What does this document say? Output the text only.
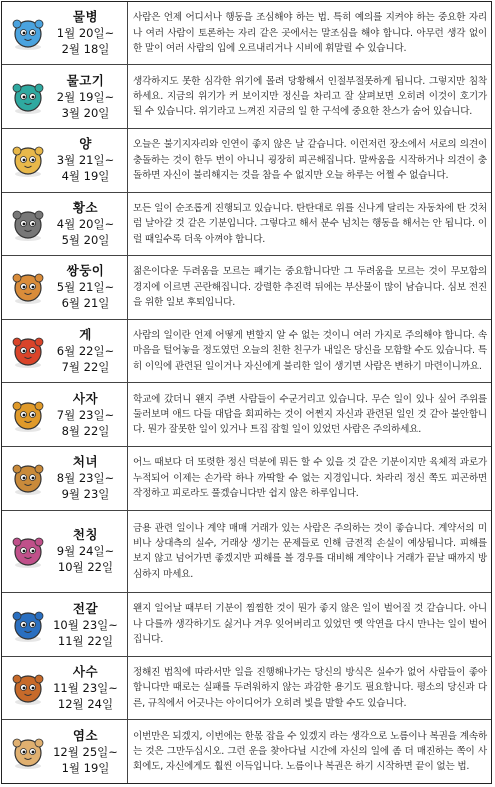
물병
1월 20일~
2월 18일	사람은 언제 어디서나 행동을 조심해야 하는 법. 특히 예의를 지켜야 하는 중요한 자리나 여러 사람이 토론하는 자리 같은 곳에서는 말조심을 해야 합니다. 아무런 생각 없이 한 말이 여러 사람의 입에 오르내리거나 시비에 휘말릴 수 있습니다.

물고기
2월 19일~
3월 20일	생각하지도 못한 심각한 위기에 몰려 당황해서 인절부절못하게 됩니다. 그렇지만 침착하세요. 지금의 위기가 커 보이지만 정신을 차리고 잘 살펴보면 오히려 이것이 호기가 될 수 있습니다. 위기라고 느껴진 지금의 일 한 구석에 중요한 찬스가 숨어 있습니다.

양
3월 21일~
4월 19일	오늘은 불기지자리와 인연이 좋지 않은 날 같습니다. 이런저런 장소에서 서로의 의견이 충돌하는 것이 한두 번이 아니니 굉장히 피곤해집니다. 말싸움을 시작하거나 의견이 충돌하면 자신이 불리해지는 것을 참을 수 없지만 오늘 하루는 어쩔 수 없습니다.

황소
4월 20일~
5월 20일	모든 일이 순조롭게 진행되고 있습니다. 탄탄대로 위를 신나게 달리는 자동차에 탄 것처럼 날아갈 것 같은 기분입니다. 그렇다고 해서 분수 넘치는 행동을 해서는 안 됩니다. 이럴 때일수록 더욱 아껴야 합니다.

쌍둥이
5월 21일~
6월 21일	젊은이다운 두려움을 모르는 패기는 중요합니다만 그 두려움을 모르는 것이 무모함의 경지에 이르면 곤란해집니다. 강렬한 추진력 뒤에는 부산물이 많이 남습니다. 심보 전진을 위한 일보 후퇴입니다.

게
6월 22일~
7월 22일	사람의 일이란 언제 어떻게 변할지 알 수 없는 것이니 여러 가지로 주의해야 합니다. 속마음을 털어놓을 정도였던 오늘의 친한 친구가 내일은 당신을 모함할 수도 있습니다. 특히 이익에 관련된 일이거나 자신에게 불리한 일이 생기면 사람은 변하기 마련이니까요.

사자
7월 23일~
8월 22일	학교에 갔더니 왠지 주변 사람들이 수군거리고 있습니다. 무슨 일이 있나 싶어 주위를 둘러보며 애드 다들 대답을 회피하는 것이 어쩐지 자신과 관련된 일인 것 같아 불안합니다. 뭔가 잘못한 일이 있거나 트집 잡힐 일이 있었던 사람은 주의하세요.

처녀
8월 23일~
9월 23일	어느 때보다 더 또렷한 정신 덕분에 뭐든 할 수 있을 것 같은 기분이지만 육체적 과로가 누적되어 이제는 손가락 하나 까딱할 수 없는 지경입니다. 차라리 정신 쪽도 피곤하면 작정하고 피로라도 풀겠습니다만 쉽지 않은 하루입니다.

천칭
9월 24일~
10월 22일	금용 관련 일이나 계약 매매 거래가 있는 사람은 주의하는 것이 좋습니다. 계약서의 미비나 상대측의 실수, 거래상 생기는 문제들로 인해 금전적 손실이 예상됩니다. 피해를 보지 않고 넘어가면 좋겠지만 피해를 볼 경우를 대비해 계약이나 거래가 끝날 때까지 방심하지 마세요.

전갈
10월 23일~
11월 22일	왠지 일어날 때부터 기분이 찜찜한 것이 뭔가 좋지 않은 일이 벌어질 것 같습니다. 아니나 다를까 생각하기도 싫거나 겨우 잊어버리고 있었던 옛 악연을 다시 만나는 일이 벌어집니다.

사수
11월 23일~
12월 24일	정해진 법칙에 따라서만 일을 진행해나가는 당신의 방식은 실수가 없어 사람들이 좋아합니다만 때로는 실패를 두려워하지 않는 과감한 용기도 필요합니다. 평소의 당신과 다른, 규칙에서 어긋나는 아이디어가 오히려 빛을 발할 수도 있습니다.

염소
12월 25일~
1월 19일	이번만은 되겠지, 이번에는 한몫 잡을 수 있겠지 라는 생각으로 노름이나 복권을 계속하는 것은 그만두십시오. 그런 운을 찾아다닐 시간에 자신의 일에 좀 더 매진하는 쪽이 사회에도, 자신에게도 훨씬 이득입니다. 노름이나 복권은 하기 시작하면 끝이 없는 법.
